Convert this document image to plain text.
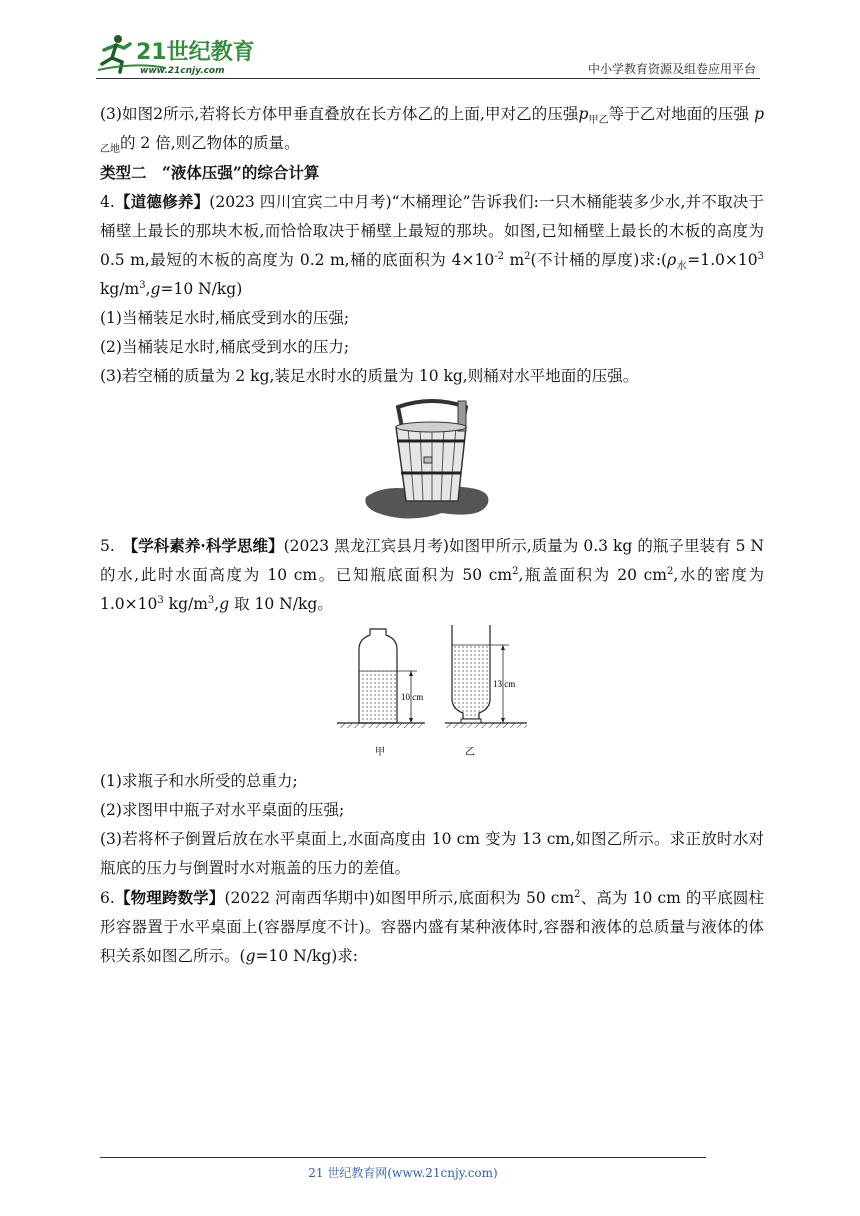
21世纪教育
www.21cnjy.com	中小学教育资源及组卷应用平台

(3)如图2所示,若将长方体甲垂直叠放在长方体乙的上面,甲对乙的压强$p_{甲乙}$等于乙对地面的压强 $p_{乙地}$的 2 倍,则乙物体的质量。

类型二　“液体压强”的综合计算

4.【道德修养】(2023 四川宜宾二中月考)“木桶理论”告诉我们:一只木桶能装多少水,并不取决于桶壁上最长的那块木板,而恰恰取决于桶壁上最短的那块。如图,已知桶壁上最长的木板的高度为 0.5 m,最短的木板的高度为 0.2 m,桶的底面积为 $4\times 10^{-2}$ $m^2$(不计桶的厚度)求$:(\rho_水=1.0\times 10^3$ $kg/m^3,g=10$ N/kg)

(1)当桶装足水时,桶底受到水的压强;

(2)当桶装足水时,桶底受到水的压力;

(3)若空桶的质量为 2 kg,装足水时水的质量为 10 kg,则桶对水平地面的压强。

5.　【学科素养·科学思维】(2023 黑龙江宾县月考)如图甲所示,质量为 0.3 kg 的瓶子里装有 5 N 的水,此时水面高度为 10 cm。已知瓶底面积为 50 $cm^2$,瓶盖面积为 20 $cm^2$,水的密度为 $1.0\times 10^3$ $kg/m^3,g$ 取 10 N/kg。

10 cm
甲
13 cm
乙

(1)求瓶子和水所受的总重力;

(2)求图甲中瓶子对水平桌面的压强;

(3)若将杯子倒置后放在水平桌面上,水面高度由 10 cm 变为 13 cm,如图乙所示。求正放时水对瓶底的压力与倒置时水对瓶盖的压力的差值。

6.【物理跨数学】(2022 河南西华期中)如图甲所示,底面积为 50 $cm^2$、高为 10 cm 的平底圆柱形容器置于水平桌面上(容器厚度不计)。容器内盛有某种液体时,容器和液体的总质量与液体的体积关系如图乙所示。(g=10 N/kg)求:

21 世纪教育网(www.21cnjy.com)
